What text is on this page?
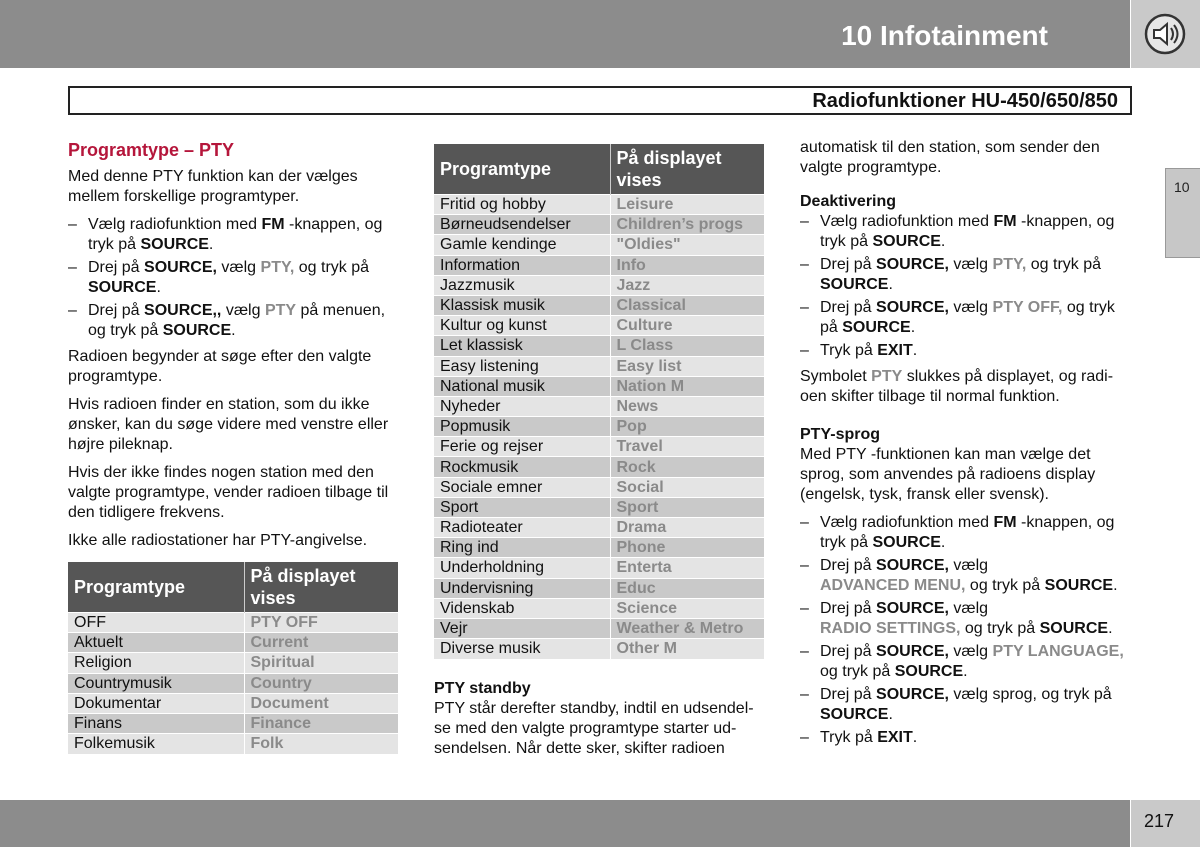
10 Infotainment
Radiofunktioner HU-450/650/850
10
Programtype – PTY

Med denne PTY funktion kan der vælges mellem forskellige programtyper.

– Vælg radiofunktion med FM -knappen, og tryk på SOURCE.
– Drej på SOURCE, vælg PTY, og tryk på SOURCE.
– Drej på SOURCE,, vælg PTY på menuen, og tryk på SOURCE.

Radioen begynder at søge efter den valgte programtype.

Hvis radioen finder en station, som du ikke ønsker, kan du søge videre med venstre eller højre pileknap.

Hvis der ikke findes nogen station med den valgte programtype, vender radioen tilbage til den tidligere frekvens.

Ikke alle radiostationer har PTY-angivelse.

Programtype	På displayet vises
OFF	PTY OFF
Aktuelt	Current
Religion	Spiritual
Countrymusik	Country
Dokumentar	Document
Finans	Finance
Folkemusik	Folk
Programtype	På displayet vises
Fritid og hobby	Leisure
Børneudsendelser	Children’s progs
Gamle kendinge	"Oldies"
Information	Info
Jazzmusik	Jazz
Klassisk musik	Classical
Kultur og kunst	Culture
Let klassisk	L Class
Easy listening	Easy list
National musik	Nation M
Nyheder	News
Popmusik	Pop
Ferie og rejser	Travel
Rockmusik	Rock
Sociale emner	Social
Sport	Sport
Radioteater	Drama
Ring ind	Phone
Underholdning	Enterta
Undervisning	Educ
Videnskab	Science
Vejr	Weather & Metro
Diverse musik	Other M
PTY standby

PTY står derefter standby, indtil en udsendel-se med den valgte programtype starter ud-sendelsen. Når dette sker, skifter radioen

automatisk til den station, som sender den valgte programtype.

Deaktivering
– Vælg radiofunktion med FM -knappen, og tryk på SOURCE.
– Drej på SOURCE, vælg PTY, og tryk på SOURCE.
– Drej på SOURCE, vælg PTY OFF, og tryk på SOURCE.
– Tryk på EXIT.

Symbolet PTY slukkes på displayet, og radi-oen skifter tilbage til normal funktion.

PTY-sprog

Med PTY -funktionen kan man vælge det sprog, som anvendes på radioens display (engelsk, tysk, fransk eller svensk).

– Vælg radiofunktion med FM -knappen, og tryk på SOURCE.
– Drej på SOURCE, vælg
ADVANCED MENU, og tryk på SOURCE.
– Drej på SOURCE, vælg
RADIO SETTINGS, og tryk på SOURCE.
– Drej på SOURCE, vælg PTY LANGUAGE, og tryk på SOURCE.
– Drej på SOURCE, vælg sprog, og tryk på SOURCE.
– Tryk på EXIT.
217
